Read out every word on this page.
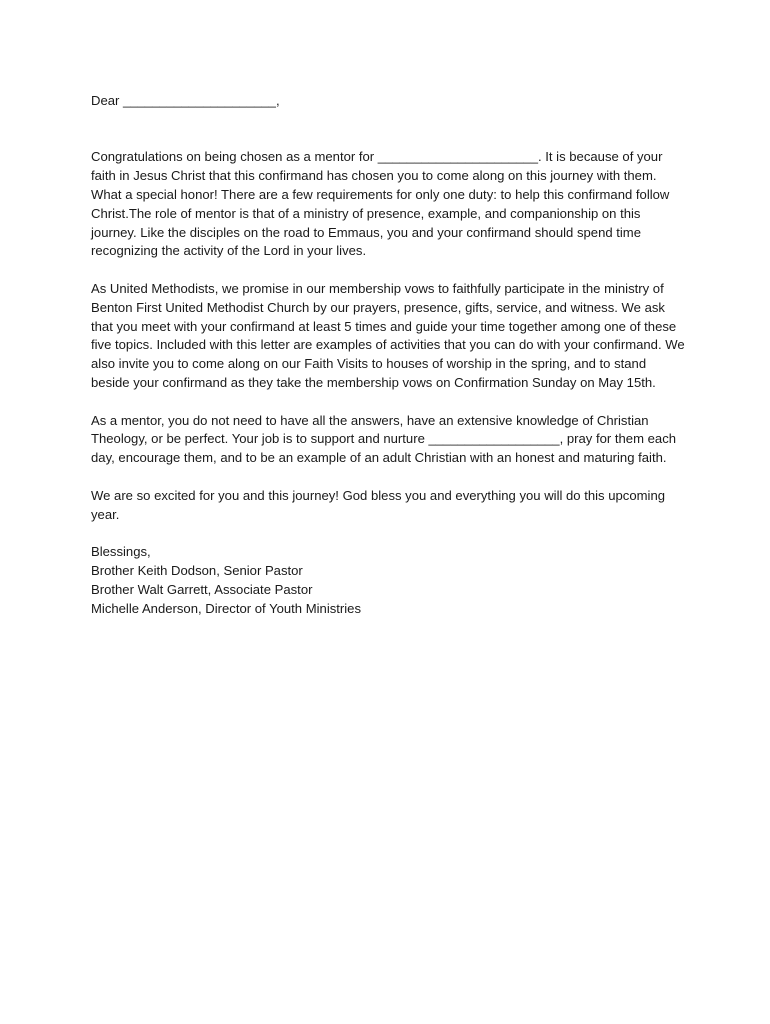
Dear _____________________,

Congratulations on being chosen as a mentor for ______________________. It is because of your faith in Jesus Christ that this confirmand has chosen you to come along on this journey with them. What a special honor! There are a few requirements for only one duty: to help this confirmand follow Christ.The role of mentor is that of a ministry of presence, example, and companionship on this journey. Like the disciples on the road to Emmaus, you and your confirmand should spend time recognizing the activity of the Lord in your lives.

As United Methodists, we promise in our membership vows to faithfully participate in the ministry of Benton First United Methodist Church by our prayers, presence, gifts, service, and witness. We ask that you meet with your confirmand at least 5 times and guide your time together among one of these five topics. Included with this letter are examples of activities that you can do with your confirmand. We also invite you to come along on our Faith Visits to houses of worship in the spring, and to stand beside your confirmand as they take the membership vows on Confirmation Sunday on May 15th.

As a mentor, you do not need to have all the answers, have an extensive knowledge of Christian Theology, or be perfect. Your job is to support and nurture __________________, pray for them each day, encourage them, and to be an example of an adult Christian with an honest and maturing faith.

We are so excited for you and this journey! God bless you and everything you will do this upcoming year.

Blessings,
Brother Keith Dodson, Senior Pastor
Brother Walt Garrett, Associate Pastor
Michelle Anderson, Director of Youth Ministries
